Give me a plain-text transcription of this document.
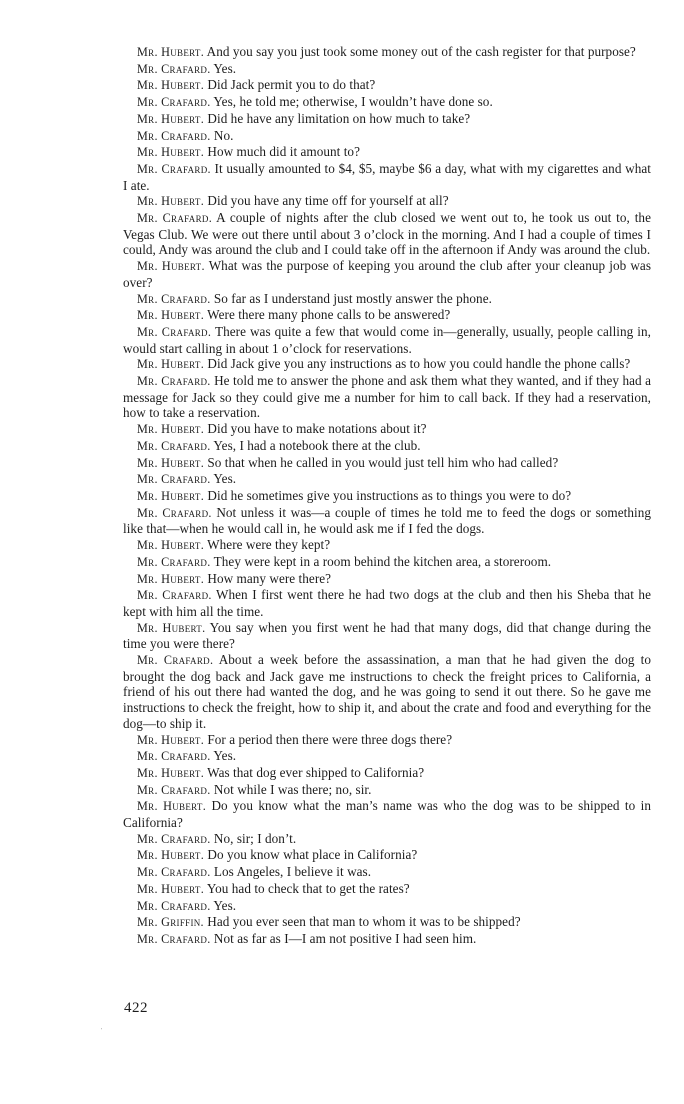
Mr. Hubert. And you say you just took some money out of the cash register for that purpose?

Mr. Crafard. Yes.

Mr. Hubert. Did Jack permit you to do that?

Mr. Crafard. Yes, he told me; otherwise, I wouldn’t have done so.

Mr. Hubert. Did he have any limitation on how much to take?

Mr. Crafard. No.

Mr. Hubert. How much did it amount to?

Mr. Crafard. It usually amounted to $4, $5, maybe $6 a day, what with my cigarettes and what I ate.

Mr. Hubert. Did you have any time off for yourself at all?

Mr. Crafard. A couple of nights after the club closed we went out to, he took us out to, the Vegas Club. We were out there until about 3 o’clock in the morning. And I had a couple of times I could, Andy was around the club and I could take off in the afternoon if Andy was around the club.

Mr. Hubert. What was the purpose of keeping you around the club after your cleanup job was over?

Mr. Crafard. So far as I understand just mostly answer the phone.

Mr. Hubert. Were there many phone calls to be answered?

Mr. Crafard. There was quite a few that would come in—generally, usually, people calling in, would start calling in about 1 o’clock for reservations.

Mr. Hubert. Did Jack give you any instructions as to how you could handle the phone calls?

Mr. Crafard. He told me to answer the phone and ask them what they wanted, and if they had a message for Jack so they could give me a number for him to call back. If they had a reservation, how to take a reservation.

Mr. Hubert. Did you have to make notations about it?

Mr. Crafard. Yes, I had a notebook there at the club.

Mr. Hubert. So that when he called in you would just tell him who had called?

Mr. Crafard. Yes.

Mr. Hubert. Did he sometimes give you instructions as to things you were to do?

Mr. Crafard. Not unless it was—a couple of times he told me to feed the dogs or something like that—when he would call in, he would ask me if I fed the dogs.

Mr. Hubert. Where were they kept?

Mr. Crafard. They were kept in a room behind the kitchen area, a storeroom.

Mr. Hubert. How many were there?

Mr. Crafard. When I first went there he had two dogs at the club and then his Sheba that he kept with him all the time.

Mr. Hubert. You say when you first went he had that many dogs, did that change during the time you were there?

Mr. Crafard. About a week before the assassination, a man that he had given the dog to brought the dog back and Jack gave me instructions to check the freight prices to California, a friend of his out there had wanted the dog, and he was going to send it out there. So he gave me instructions to check the freight, how to ship it, and about the crate and food and everything for the dog—to ship it.

Mr. Hubert. For a period then there were three dogs there?

Mr. Crafard. Yes.

Mr. Hubert. Was that dog ever shipped to California?

Mr. Crafard. Not while I was there; no, sir.

Mr. Hubert. Do you know what the man’s name was who the dog was to be shipped to in California?

Mr. Crafard. No, sir; I don’t.

Mr. Hubert. Do you know what place in California?

Mr. Crafard. Los Angeles, I believe it was.

Mr. Hubert. You had to check that to get the rates?

Mr. Crafard. Yes.

Mr. Griffin. Had you ever seen that man to whom it was to be shipped?

Mr. Crafard. Not as far as I—I am not positive I had seen him.

422
'
